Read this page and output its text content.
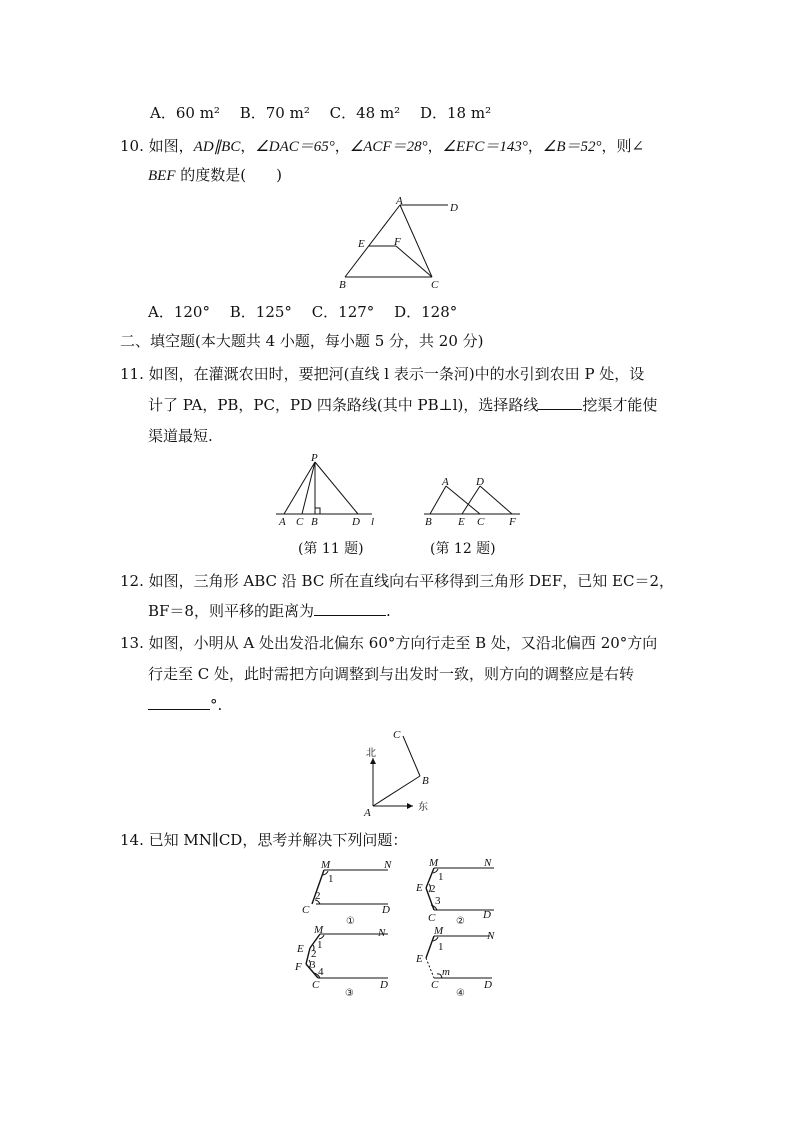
A．60 m²　 B．70 m²　 C．48 m²　 D．18 m²
10. 如图，AD∥BC，∠DAC＝65°，∠ACF＝28°，∠EFC＝143°，∠B＝52°，则∠
BEF 的度数是(　　)
A
D
E	F
B	C
A．120°　 B．125°　 C．127°　 D．128°
二、填空题(本大题共 4 小题，每小题 5 分，共 20 分)
11. 如图，在灌溉农田时，要把河(直线 l 表示一条河)中的水引到农田 P 处，设
计了 PA，PB，PC，PD 四条路线(其中 PB⊥l)，选择路线	挖渠才能使
渠道最短.
P
A C B	D l
(第 11 题)
A D
B E C F
(第 12 题)
12. 如图，三角形 ABC 沿 BC 所在直线向右平移得到三角形 DEF，已知 EC＝2，
BF＝8，则平移的距离为	.
13. 如图，小明从 A 处出发沿北偏东 60°方向行走至 B 处，又沿北偏西 20°方向
行走至 C 处，此时需把方向调整到与出发时一致，则方向的调整应是右转
°.
北
东
A
B
C
14. 已知 MN∥CD，思考并解决下列问题：
M	N
1
2
C	D
①
M	N
E
1
2
3
C	D
②
M	N
1
E 2
3
F 4
C	D
③
M	N
1
E
m
C	D
④
